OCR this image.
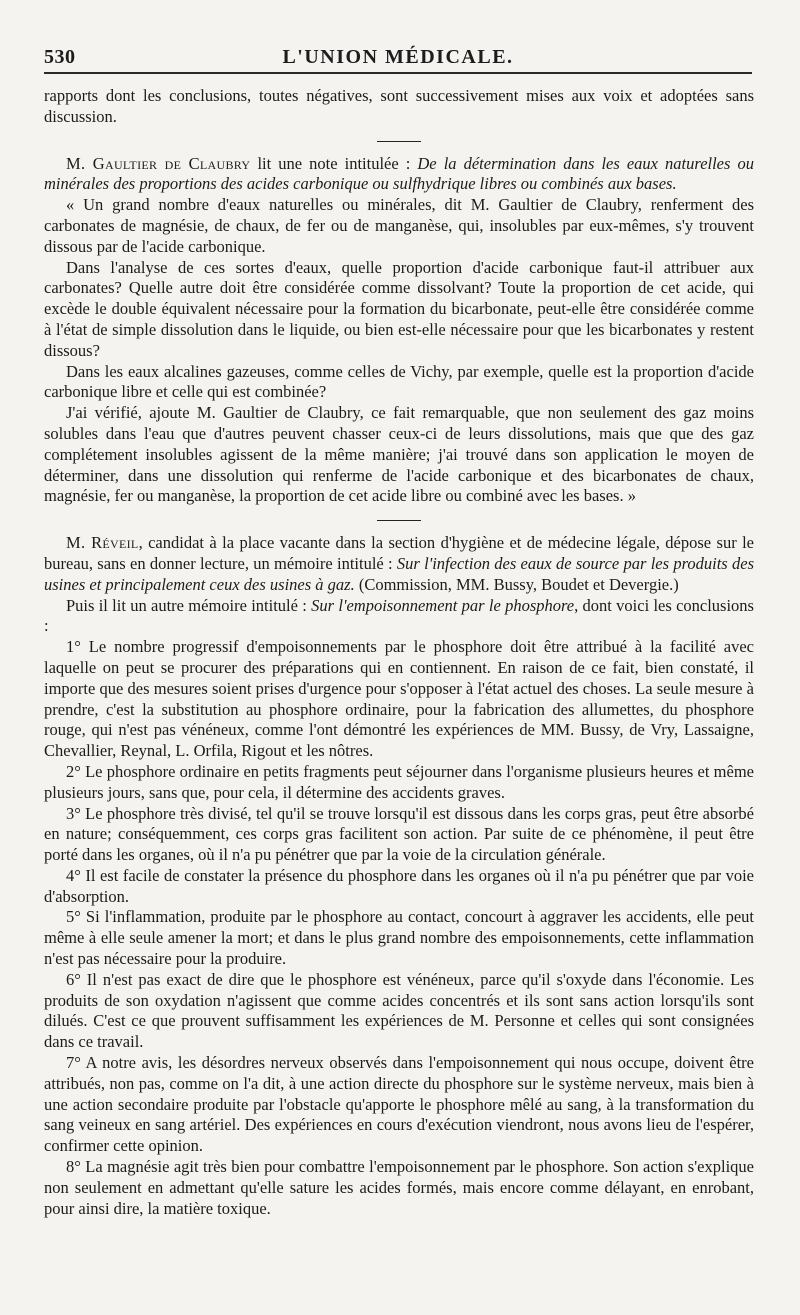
530	L'UNION MÉDICALE.

rapports dont les conclusions, toutes négatives, sont successivement mises aux voix et adoptées sans discussion.

M. Gaultier de Claubry lit une note intitulée : De la détermination dans les eaux naturelles ou minérales des proportions des acides carbonique ou sulfhydrique libres ou combinés aux bases.

« Un grand nombre d'eaux naturelles ou minérales, dit M. Gaultier de Claubry, renferment des carbonates de magnésie, de chaux, de fer ou de manganèse, qui, insolubles par eux-mêmes, s'y trouvent dissous par de l'acide carbonique.

Dans l'analyse de ces sortes d'eaux, quelle proportion d'acide carbonique faut-il attribuer aux carbonates? Quelle autre doit être considérée comme dissolvant? Toute la proportion de cet acide, qui excède le double équivalent nécessaire pour la formation du bicarbonate, peut-elle être considérée comme à l'état de simple dissolution dans le liquide, ou bien est-elle nécessaire pour que les bicarbonates y restent dissous?

Dans les eaux alcalines gazeuses, comme celles de Vichy, par exemple, quelle est la proportion d'acide carbonique libre et celle qui est combinée?

J'ai vérifié, ajoute M. Gaultier de Claubry, ce fait remarquable, que non seulement des gaz moins solubles dans l'eau que d'autres peuvent chasser ceux-ci de leurs dissolutions, mais que que des gaz complétement insolubles agissent de la même manière; j'ai trouvé dans son application le moyen de déterminer, dans une dissolution qui renferme de l'acide carbonique et des bicarbonates de chaux, magnésie, fer ou manganèse, la proportion de cet acide libre ou combiné avec les bases. »

M. Réveil, candidat à la place vacante dans la section d'hygiène et de médecine légale, dépose sur le bureau, sans en donner lecture, un mémoire intitulé : Sur l'infection des eaux de source par les produits des usines et principalement ceux des usines à gaz. (Commission, MM. Bussy, Boudet et Devergie.)

Puis il lit un autre mémoire intitulé : Sur l'empoisonnement par le phosphore, dont voici les conclusions :

1° Le nombre progressif d'empoisonnements par le phosphore doit être attribué à la facilité avec laquelle on peut se procurer des préparations qui en contiennent. En raison de ce fait, bien constaté, il importe que des mesures soient prises d'urgence pour s'opposer à l'état actuel des choses. La seule mesure à prendre, c'est la substitution au phosphore ordinaire, pour la fabrication des allumettes, du phosphore rouge, qui n'est pas vénéneux, comme l'ont démontré les expériences de MM. Bussy, de Vry, Lassaigne, Chevallier, Reynal, L. Orfila, Rigout et les nôtres.

2° Le phosphore ordinaire en petits fragments peut séjourner dans l'organisme plusieurs heures et même plusieurs jours, sans que, pour cela, il détermine des accidents graves.

3° Le phosphore très divisé, tel qu'il se trouve lorsqu'il est dissous dans les corps gras, peut être absorbé en nature; conséquemment, ces corps gras facilitent son action. Par suite de ce phénomène, il peut être porté dans les organes, où il n'a pu pénétrer que par la voie de la circulation générale.

4° Il est facile de constater la présence du phosphore dans les organes où il n'a pu pénétrer que par voie d'absorption.

5° Si l'inflammation, produite par le phosphore au contact, concourt à aggraver les accidents, elle peut même à elle seule amener la mort; et dans le plus grand nombre des empoisonnements, cette inflammation n'est pas nécessaire pour la produire.

6° Il n'est pas exact de dire que le phosphore est vénéneux, parce qu'il s'oxyde dans l'économie. Les produits de son oxydation n'agissent que comme acides concentrés et ils sont sans action lorsqu'ils sont dilués. C'est ce que prouvent suffisamment les expériences de M. Personne et celles qui sont consignées dans ce travail.

7° A notre avis, les désordres nerveux observés dans l'empoisonnement qui nous occupe, doivent être attribués, non pas, comme on l'a dit, à une action directe du phosphore sur le système nerveux, mais bien à une action secondaire produite par l'obstacle qu'apporte le phosphore mêlé au sang, à la transformation du sang veineux en sang artériel. Des expériences en cours d'exécution viendront, nous avons lieu de l'espérer, confirmer cette opinion.

8° La magnésie agit très bien pour combattre l'empoisonnement par le phosphore. Son action s'explique non seulement en admettant qu'elle sature les acides formés, mais encore comme délayant, en enrobant, pour ainsi dire, la matière toxique.
